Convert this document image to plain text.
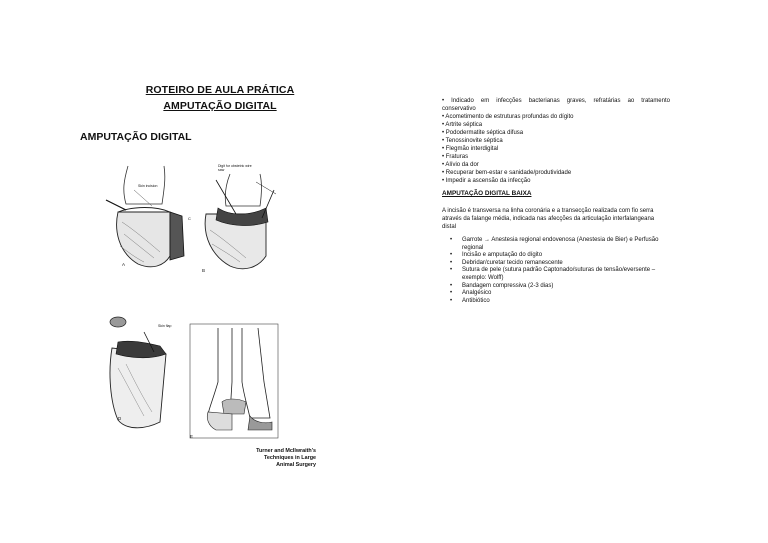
ROTEIRO DE AULA PRÁTICA
AMPUTAÇÃO DIGITAL
AMPUTAÇÃO DIGITAL
Skin incision
C
A
Digit for obstetric wire saw
B
Skin flap
D
E
Turner and McIlwraith's
Techniques in Large
Animal Surgery
• Indicado em infecções bacterianas graves, refratárias ao tratamento
conservativo
• Acometimento de estruturas profundas do dígito
• Artrite séptica
• Pododermatite séptica difusa
• Tenossinovite séptica
• Flegmão interdigital
• Fraturas
• Alívio da dor
• Recuperar bem-estar e sanidade/produtividade
• Impedir a ascensão da infecção
AMPUTAÇÃO DIGITAL BAIXA
A incisão é transversa na linha coronária e a transecção realizada com fio serra através da falange média, indicada nas afecções da articulação interfalangeana distal
• Garrote → Anestesia regional endovenosa (Anestesia de Bier) e Perfusão regional
• Incisão e amputação do dígito
• Debridar/curetar tecido remanescente
• Sutura de pele (sutura padrão Captonado/suturas de tensão/eversente – exemplo: Wolff)
• Bandagem compressiva (2-3 dias)
• Analgésico
• Antibiótico
